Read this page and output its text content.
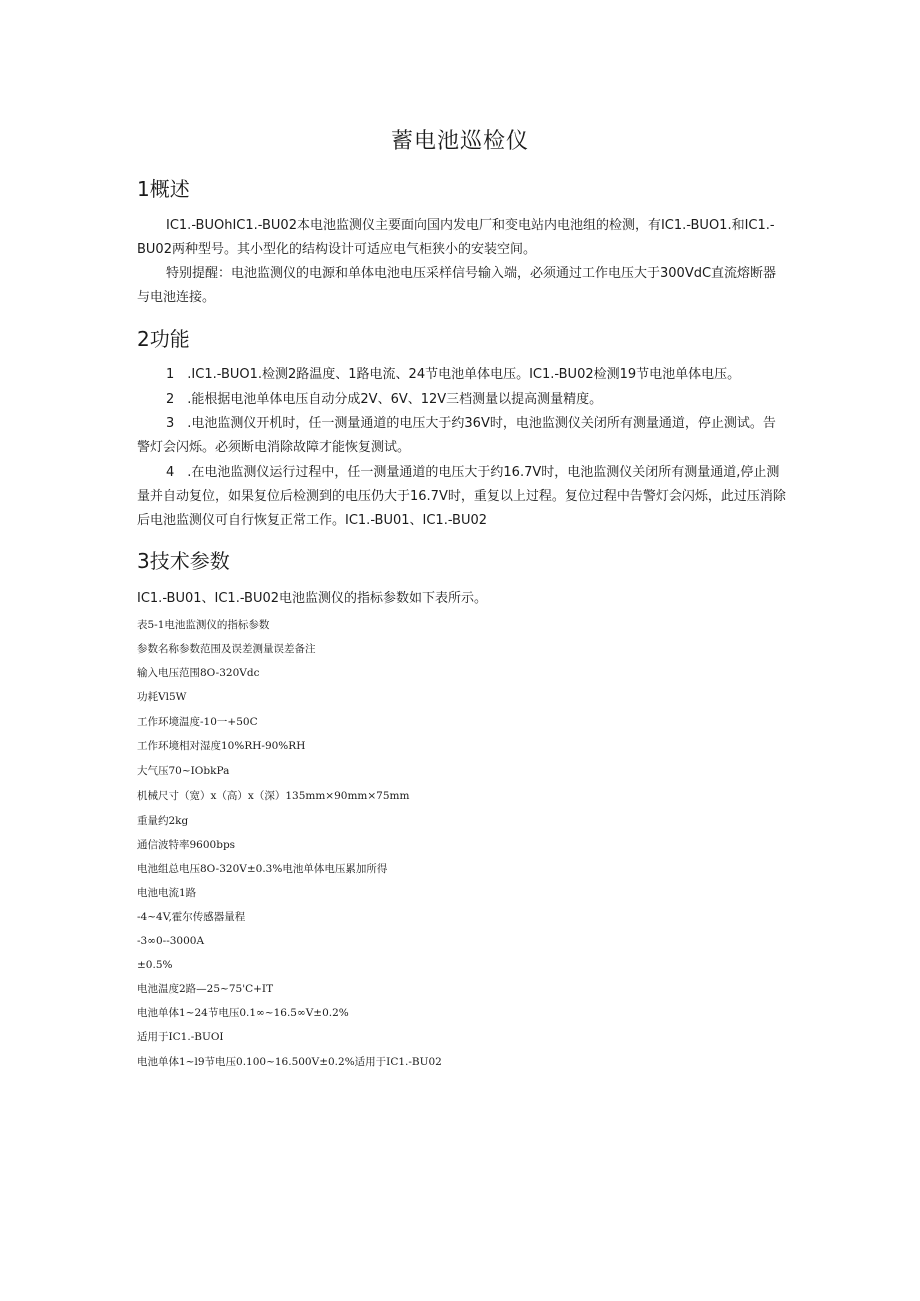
蓄电池巡检仪
1概述

IC1.-BUOhIC1.-BU02本电池监测仪主要面向国内发电厂和变电站内电池组的检测，有IC1.-BUO1.和IC1.-BU02两种型号。其小型化的结构设计可适应电气柜狭小的安装空间。

特别提醒：电池监测仪的电源和单体电池电压采样信号输入端，必须通过工作电压大于300VdC直流熔断器与电池连接。

2功能

1　.IC1.-BUO1.检测2路温度、1路电流、24节电池单体电压。IC1.-BU02检测19节电池单体电压。

2　.能根据电池单体电压自动分成2V、6V、12V三档测量以提高测量精度。

3　.电池监测仪开机时，任一测量通道的电压大于约36V时，电池监测仪关闭所有测量通道，停止测试。告警灯会闪烁。必须断电消除故障才能恢复测试。

4　.在电池监测仪运行过程中，任一测量通道的电压大于约16.7V时，电池监测仪关闭所有测量通道,停止测量并自动复位，如果复位后检测到的电压仍大于16.7V时，重复以上过程。复位过程中告警灯会闪烁，此过压消除后电池监测仪可自行恢复正常工作。IC1.-BU01、IC1.-BU02

3技术参数

IC1.-BU01、IC1.-BU02电池监测仪的指标参数如下表所示。

表5-1电池监测仪的指标参数

参数名称参数范围及误差测量误差备注

输入电压范围8O-320Vdc

功耗Vl5W

工作环境温度-10一+50C

工作环境相对湿度10%RH-90%RH

大气压70~IObkPa

机械尺寸（宽）x（高）x（深）135mm×90mm×75mm

重量约2kg

通信波特率9600bps

电池组总电压8O-320V±0.3%电池单体电压累加所得

电池电流1路

-4~4V,霍尔传感器量程

-3∞0--3000A

±0.5%

电池温度2路—25~75'C+IT

电池单体1~24节电压0.1∞~16.5∞V±0.2%

适用于IC1.-BUOI

电池单体1~l9节电压0.100~16.500V±0.2%适用于IC1.-BU02
